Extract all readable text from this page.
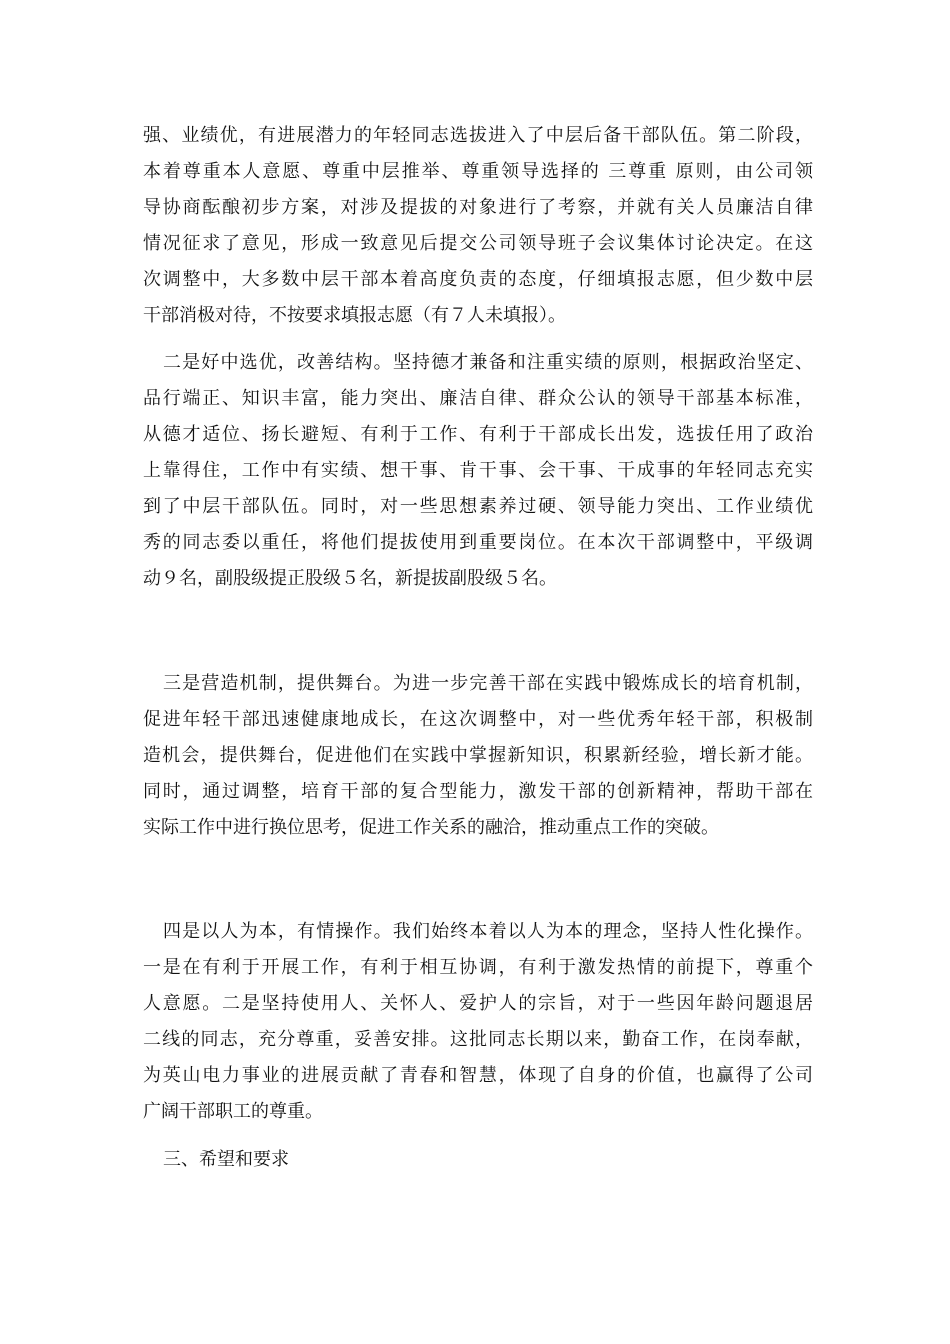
强、业绩优，有进展潜力的年轻同志选拔进入了中层后备干部队伍。第二阶段，
本着尊重本人意愿、尊重中层推举、尊重领导选择的 三尊重 原则，由公司领
导协商酝酿初步方案，对涉及提拔的对象进行了考察，并就有关人员廉洁自律
情况征求了意见，形成一致意见后提交公司领导班子会议集体讨论决定。在这
次调整中，大多数中层干部本着高度负责的态度，仔细填报志愿，但少数中层
干部消极对待，不按要求填报志愿（有７人未填报）。
二是好中选优，改善结构。坚持德才兼备和注重实绩的原则，根据政治坚定、
品行端正、知识丰富，能力突出、廉洁自律、群众公认的领导干部基本标准，
从德才适位、扬长避短、有利于工作、有利于干部成长出发，选拔任用了政治
上靠得住，工作中有实绩、想干事、肯干事、会干事、干成事的年轻同志充实
到了中层干部队伍。同时，对一些思想素养过硬、领导能力突出、工作业绩优
秀的同志委以重任，将他们提拔使用到重要岗位。在本次干部调整中，平级调
动９名，副股级提正股级５名，新提拔副股级５名。
三是营造机制，提供舞台。为进一步完善干部在实践中锻炼成长的培育机制，
促进年轻干部迅速健康地成长，在这次调整中，对一些优秀年轻干部，积极制
造机会，提供舞台，促进他们在实践中掌握新知识，积累新经验，增长新才能。
同时，通过调整，培育干部的复合型能力，激发干部的创新精神，帮助干部在
实际工作中进行换位思考，促进工作关系的融洽，推动重点工作的突破。
四是以人为本，有情操作。我们始终本着以人为本的理念，坚持人性化操作。
一是在有利于开展工作，有利于相互协调，有利于激发热情的前提下，尊重个
人意愿。二是坚持使用人、关怀人、爱护人的宗旨，对于一些因年龄问题退居
二线的同志，充分尊重，妥善安排。这批同志长期以来，勤奋工作，在岗奉献，
为英山电力事业的进展贡献了青春和智慧，体现了自身的价值，也赢得了公司
广阔干部职工的尊重。
三、希望和要求
